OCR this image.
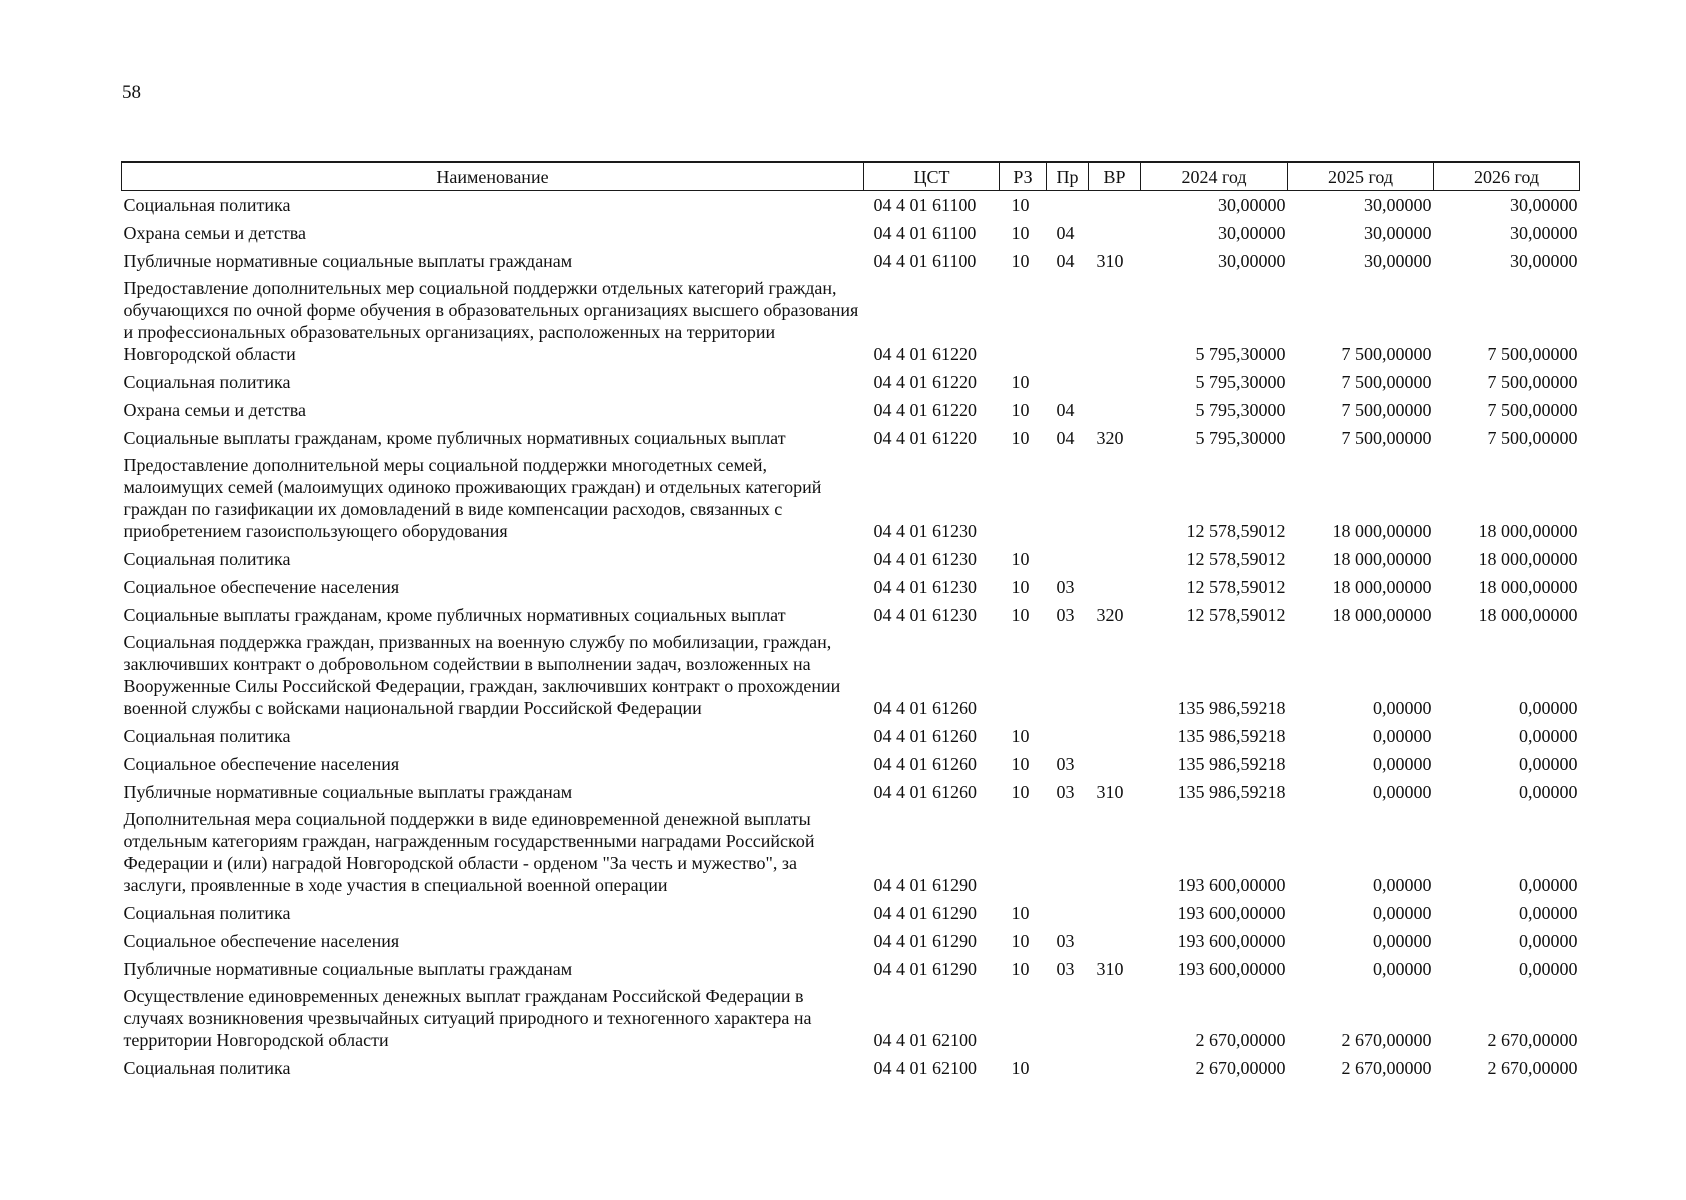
58
Наименование	ЦСТ	РЗ	Пр	ВР	2024 год	2025 год	2026 год
Социальная политика	04 4 01 61100	10			30,00000	30,00000	30,00000
Охрана семьи и детства	04 4 01 61100	10	04		30,00000	30,00000	30,00000
Публичные нормативные социальные выплаты гражданам	04 4 01 61100	10	04	310	30,00000	30,00000	30,00000
Предоставление дополнительных мер социальной поддержки отдельных категорий граждан, обучающихся по очной форме обучения в образовательных организациях высшего образования и профессиональных образовательных организациях, расположенных на территории Новгородской области	04 4 01 61220				5 795,30000	7 500,00000	7 500,00000
Социальная политика	04 4 01 61220	10			5 795,30000	7 500,00000	7 500,00000
Охрана семьи и детства	04 4 01 61220	10	04		5 795,30000	7 500,00000	7 500,00000
Социальные выплаты гражданам, кроме публичных нормативных социальных выплат	04 4 01 61220	10	04	320	5 795,30000	7 500,00000	7 500,00000
Предоставление дополнительной меры социальной поддержки многодетных семей, малоимущих семей (малоимущих одиноко проживающих граждан) и отдельных категорий граждан по газификации их домовладений в виде компенсации расходов, связанных с приобретением газоиспользующего оборудования	04 4 01 61230				12 578,59012	18 000,00000	18 000,00000
Социальная политика	04 4 01 61230	10			12 578,59012	18 000,00000	18 000,00000
Социальное обеспечение населения	04 4 01 61230	10	03		12 578,59012	18 000,00000	18 000,00000
Социальные выплаты гражданам, кроме публичных нормативных социальных выплат	04 4 01 61230	10	03	320	12 578,59012	18 000,00000	18 000,00000
Социальная поддержка граждан, призванных на военную службу по мобилизации, граждан, заключивших контракт о добровольном содействии в выполнении задач, возложенных на Вооруженные Силы Российской Федерации, граждан, заключивших контракт о прохождении военной службы с войсками национальной гвардии Российской Федерации	04 4 01 61260				135 986,59218	0,00000	0,00000
Социальная политика	04 4 01 61260	10			135 986,59218	0,00000	0,00000
Социальное обеспечение населения	04 4 01 61260	10	03		135 986,59218	0,00000	0,00000
Публичные нормативные социальные выплаты гражданам	04 4 01 61260	10	03	310	135 986,59218	0,00000	0,00000
Дополнительная мера социальной поддержки в виде единовременной денежной выплаты отдельным категориям граждан, награжденным государственными наградами Российской Федерации и (или) наградой Новгородской области - орденом "За честь и мужество", за заслуги, проявленные в ходе участия в специальной военной операции	04 4 01 61290				193 600,00000	0,00000	0,00000
Социальная политика	04 4 01 61290	10			193 600,00000	0,00000	0,00000
Социальное обеспечение населения	04 4 01 61290	10	03		193 600,00000	0,00000	0,00000
Публичные нормативные социальные выплаты гражданам	04 4 01 61290	10	03	310	193 600,00000	0,00000	0,00000
Осуществление единовременных денежных выплат гражданам Российской Федерации в случаях возникновения чрезвычайных ситуаций природного и техногенного характера на территории Новгородской области	04 4 01 62100				2 670,00000	2 670,00000	2 670,00000
Социальная политика	04 4 01 62100	10			2 670,00000	2 670,00000	2 670,00000
